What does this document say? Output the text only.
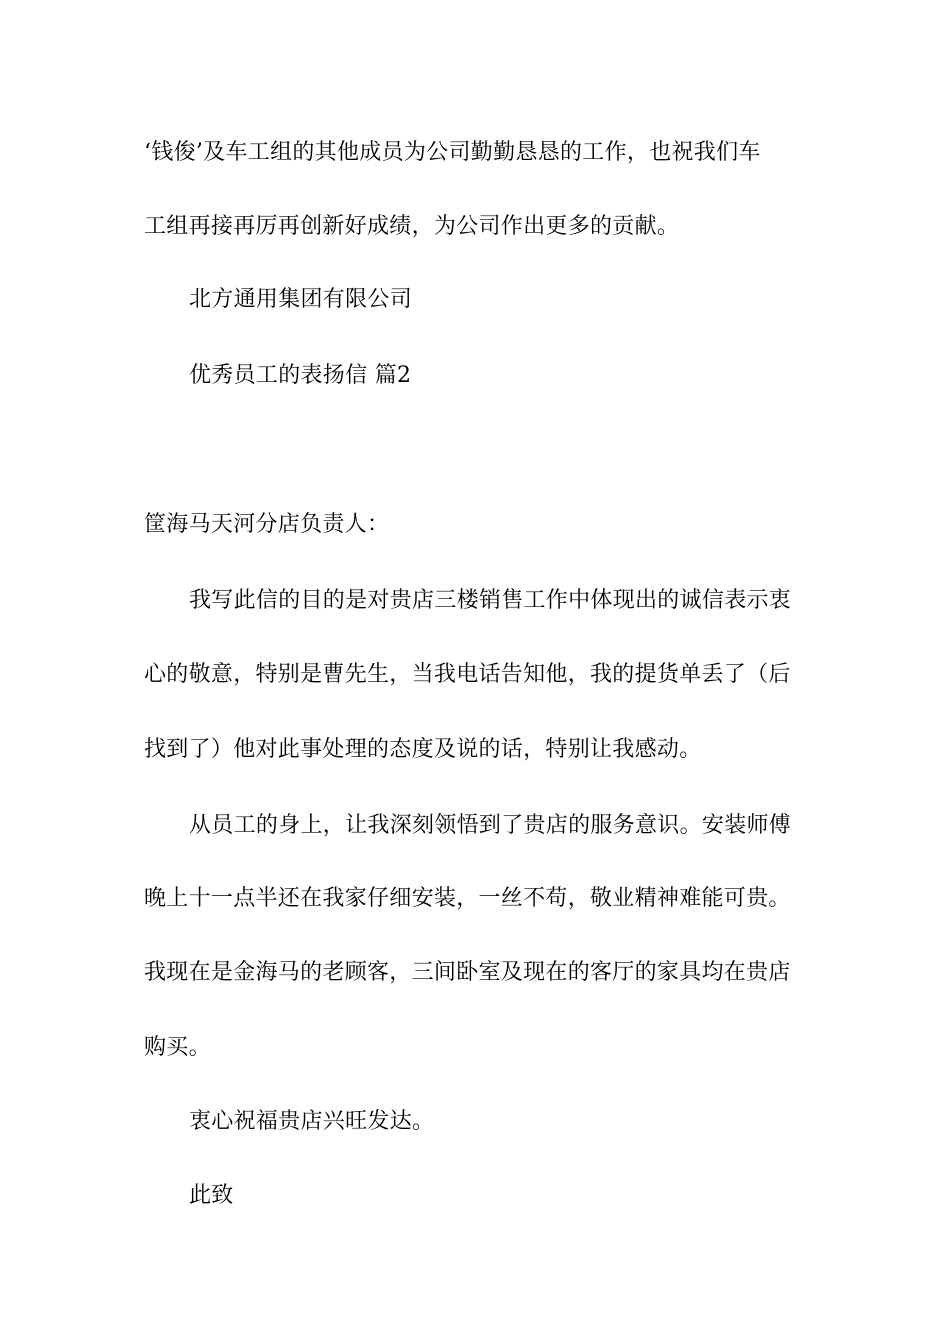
‘钱俊’及车工组的其他成员为公司勤勤恳恳的工作，也祝我们车
工组再接再厉再创新好成绩，为公司作出更多的贡献。
北方通用集团有限公司
优秀员工的表扬信 篇2
筐海马天河分店负责人：
我写此信的目的是对贵店三楼销售工作中体现出的诚信表示衷
心的敬意，特别是曹先生，当我电话告知他，我的提货单丢了（后
找到了）他对此事处理的态度及说的话，特别让我感动。
从员工的身上，让我深刻领悟到了贵店的服务意识。安装师傅
晚上十一点半还在我家仔细安装，一丝不苟，敬业精神难能可贵。
我现在是金海马的老顾客，三间卧室及现在的客厅的家具均在贵店
购买。
衷心祝福贵店兴旺发达。
此致
